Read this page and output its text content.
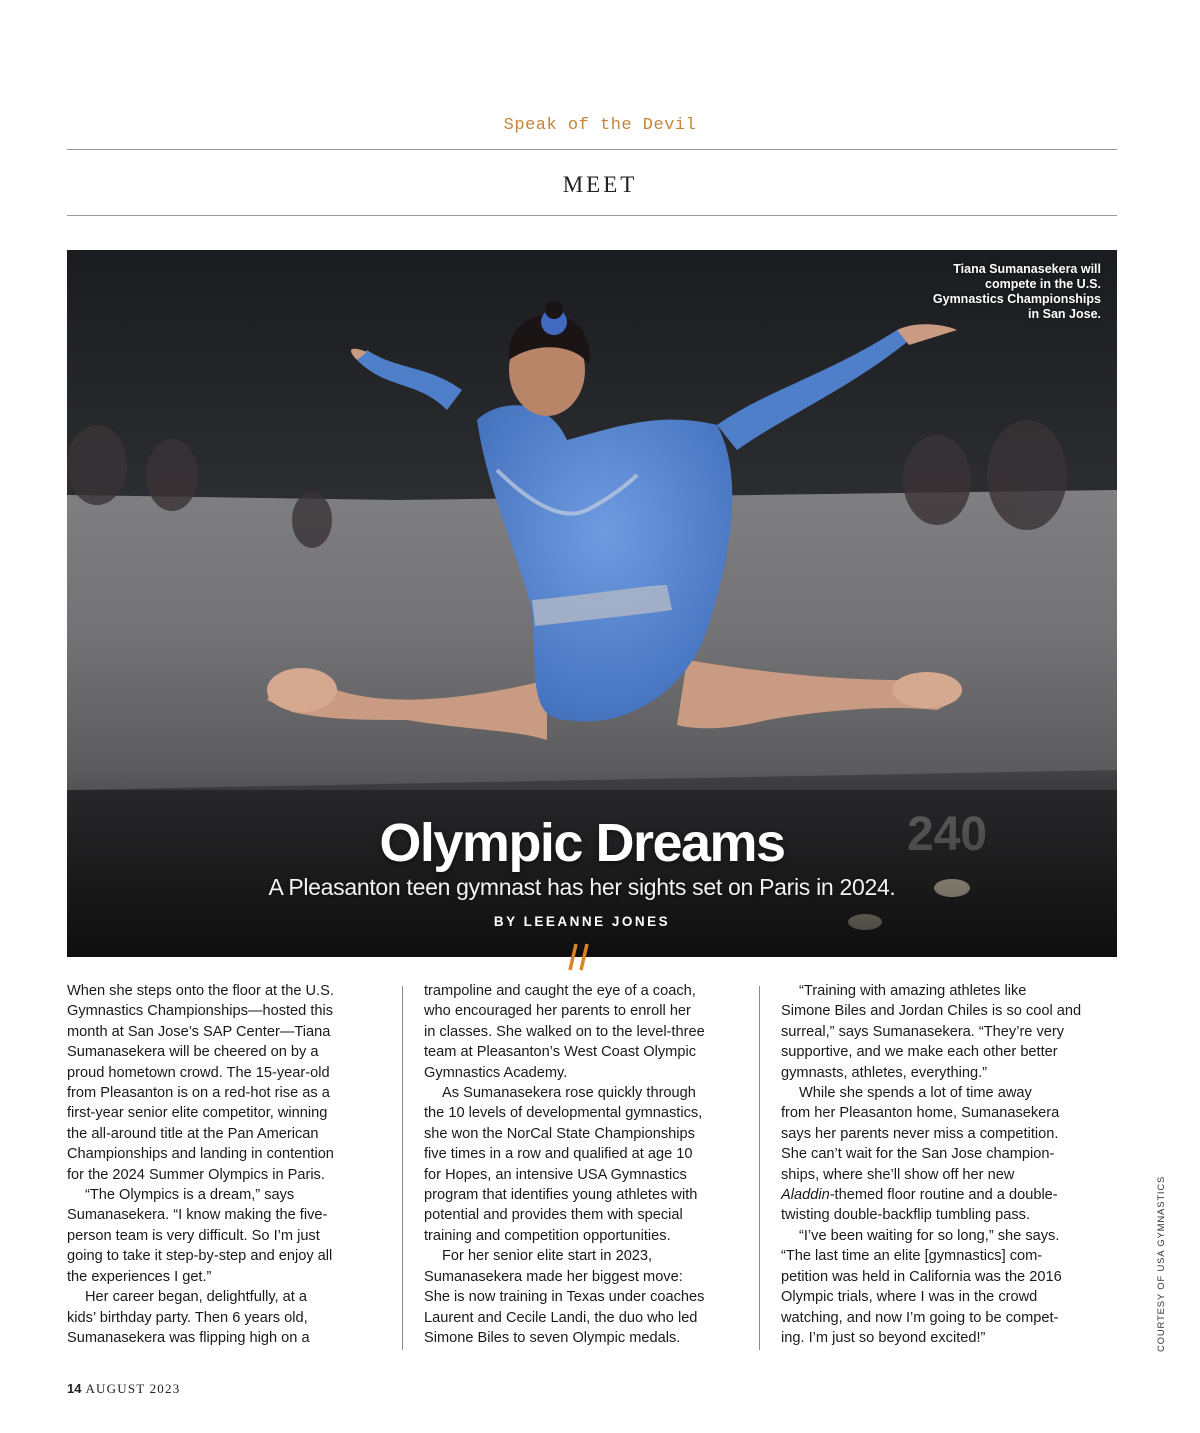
Speak of the Devil
MEET
Tiana Sumanasekera will compete in the U.S. Gymnastics Championships in San Jose.
Olympic Dreams
A Pleasanton teen gymnast has her sights set on Paris in 2024.
BY LEEANNE JONES

When she steps onto the floor at the U.S.

Gymnastics Championships—hosted this

month at San Jose’s SAP Center—Tiana

Sumanasekera will be cheered on by a

proud hometown crowd. The 15-year-old

from Pleasanton is on a red-hot rise as a

first-year senior elite competitor, winning

the all-around title at the Pan American

Championships and landing in contention

for the 2024 Summer Olympics in Paris.

“The Olympics is a dream,” says

Sumanasekera. “I know making the five-

person team is very difficult. So I’m just

going to take it step-by-step and enjoy all

the experiences I get.”

Her career began, delightfully, at a

kids’ birthday party. Then 6 years old,

Sumanasekera was flipping high on a

trampoline and caught the eye of a coach,

who encouraged her parents to enroll her

in classes. She walked on to the level-three

team at Pleasanton’s West Coast Olympic

Gymnastics Academy.

As Sumanasekera rose quickly through

the 10 levels of developmental gymnastics,

she won the NorCal State Championships

five times in a row and qualified at age 10

for Hopes, an intensive USA Gymnastics

program that identifies young athletes with

potential and provides them with special

training and competition opportunities.

For her senior elite start in 2023,

Sumanasekera made her biggest move:

She is now training in Texas under coaches

Laurent and Cecile Landi, the duo who led

Simone Biles to seven Olympic medals.

“Training with amazing athletes like

Simone Biles and Jordan Chiles is so cool and

surreal,” says Sumanasekera. “They’re very

supportive, and we make each other better

gymnasts, athletes, everything.”

While she spends a lot of time away

from her Pleasanton home, Sumanasekera

says her parents never miss a competition.

She can’t wait for the San Jose champion-

ships, where she’ll show off her new

Aladdin-themed floor routine and a double-

twisting double-backflip tumbling pass.

“I’ve been waiting for so long,” she says.

“The last time an elite [gymnastics] com-

petition was held in California was the 2016

Olympic trials, where I was in the crowd

watching, and now I’m going to be compet-

ing. I’m just so beyond excited!”	COURTESY OF USA GYMNASTICS
14 AUGUST 2023
